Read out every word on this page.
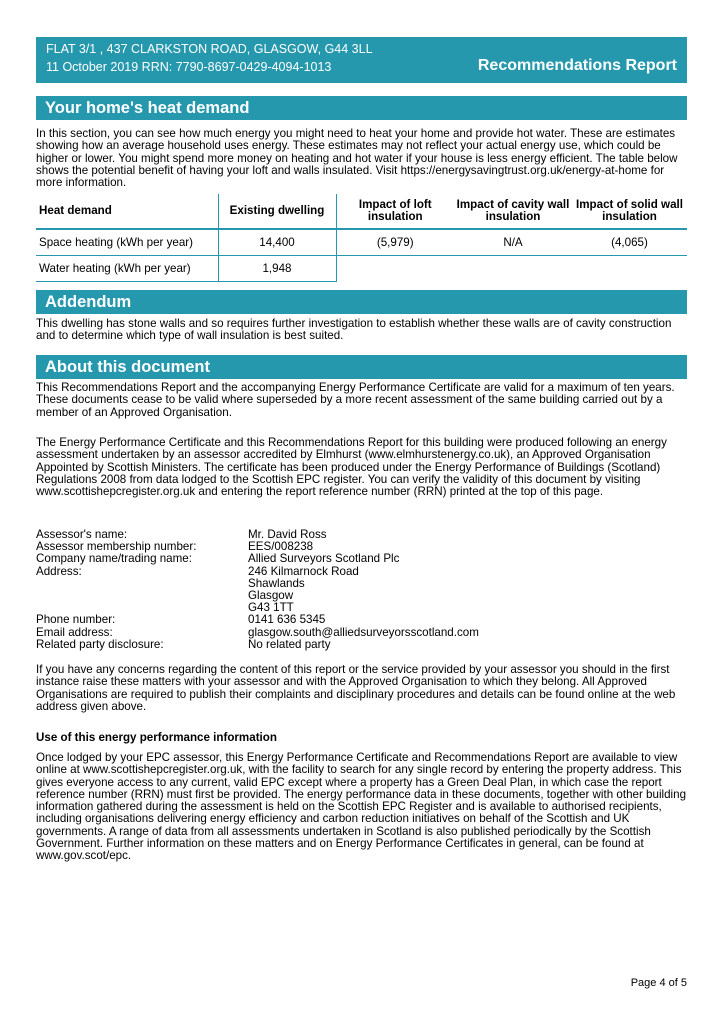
FLAT 3/1 , 437 CLARKSTON ROAD, GLASGOW, G44 3LL
11 October 2019 RRN: 7790-8697-0429-4094-1013	Recommendations Report
Your home's heat demand

In this section, you can see how much energy you might need to heat your home and provide hot water. These are estimates showing how an average household uses energy. These estimates may not reflect your actual energy use, which could be higher or lower. You might spend more money on heating and hot water if your house is less energy efficient. The table below shows the potential benefit of having your loft and walls insulated. Visit https://energysavingtrust.org.uk/energy-at-home for more information.

Heat demand	Existing dwelling	Impact of loft insulation	Impact of cavity wall insulation	Impact of solid wall insulation
Space heating (kWh per year)	14,400	(5,979)	N/A	(4,065)
Water heating (kWh per year)	1,948			
Addendum

This dwelling has stone walls and so requires further investigation to establish whether these walls are of cavity construction and to determine which type of wall insulation is best suited.

About this document

This Recommendations Report and the accompanying Energy Performance Certificate are valid for a maximum of ten years. These documents cease to be valid where superseded by a more recent assessment of the same building carried out by a member of an Approved Organisation.

The Energy Performance Certificate and this Recommendations Report for this building were produced following an energy assessment undertaken by an assessor accredited by Elmhurst (www.elmhurstenergy.co.uk), an Approved Organisation Appointed by Scottish Ministers. The certificate has been produced under the Energy Performance of Buildings (Scotland) Regulations 2008 from data lodged to the Scottish EPC register. You can verify the validity of this document by visiting www.scottishepcregister.org.uk and entering the report reference number (RRN) printed at the top of this page.

Assessor's name:	Mr. David Ross
Assessor membership number:	EES/008238
Company name/trading name:	Allied Surveyors Scotland Plc
Address:	246 Kilmarnock Road
Shawlands
Glasgow
G43 1TT
Phone number:	0141 636 5345
Email address:	glasgow.south@alliedsurveyorsscotland.com
Related party disclosure:	No related party

If you have any concerns regarding the content of this report or the service provided by your assessor you should in the first instance raise these matters with your assessor and with the Approved Organisation to which they belong. All Approved Organisations are required to publish their complaints and disciplinary procedures and details can be found online at the web address given above.

Use of this energy performance information

Once lodged by your EPC assessor, this Energy Performance Certificate and Recommendations Report are available to view online at www.scottishepcregister.org.uk, with the facility to search for any single record by entering the property address. This gives everyone access to any current, valid EPC except where a property has a Green Deal Plan, in which case the report reference number (RRN) must first be provided. The energy performance data in these documents, together with other building information gathered during the assessment is held on the Scottish EPC Register and is available to authorised recipients, including organisations delivering energy efficiency and carbon reduction initiatives on behalf of the Scottish and UK governments. A range of data from all assessments undertaken in Scotland is also published periodically by the Scottish Government. Further information on these matters and on Energy Performance Certificates in general, can be found at www.gov.scot/epc.

Page 4 of 5
